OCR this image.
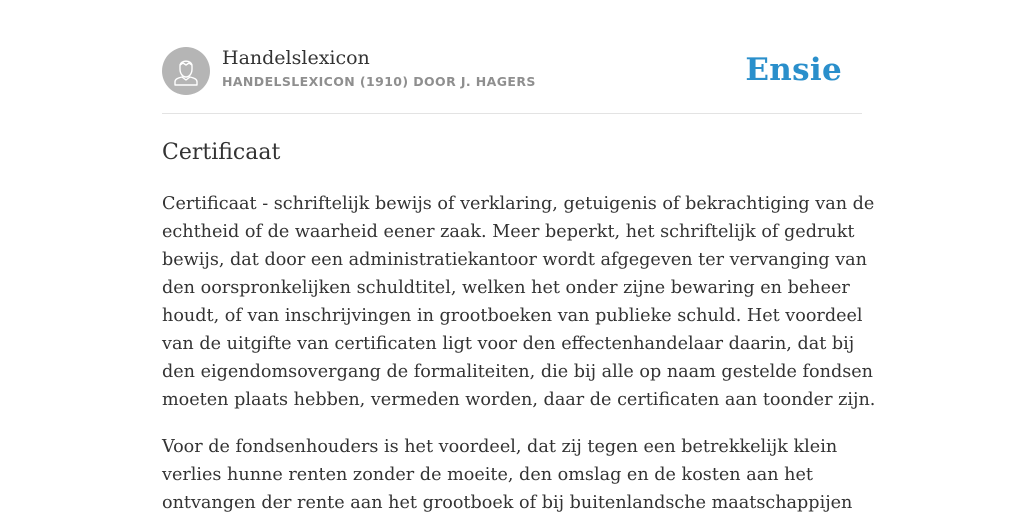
Handelslexicon
HANDELSLEXICON (1910) DOOR J. HAGERS	Ensie
Certificaat

Certificaat - schriftelijk bewijs of verklaring, getuigenis of bekrachtiging van de
echtheid of de waarheid eener zaak. Meer beperkt, het schriftelijk of gedrukt
bewijs, dat door een administratiekantoor wordt afgegeven ter vervanging van
den oorspronkelijken schuldtitel, welken het onder zijne bewaring en beheer
houdt, of van inschrijvingen in grootboeken van publieke schuld. Het voordeel
van de uitgifte van certificaten ligt voor den effectenhandelaar daarin, dat bij
den eigendomsovergang de formaliteiten, die bij alle op naam gestelde fondsen
moeten plaats hebben, vermeden worden, daar de certificaten aan toonder zijn.

Voor de fondsenhouders is het voordeel, dat zij tegen een betrekkelijk klein
verlies hunne renten zonder de moeite, den omslag en de kosten aan het
ontvangen der rente aan het grootboek of bij buitenlandsche maatschappijen
